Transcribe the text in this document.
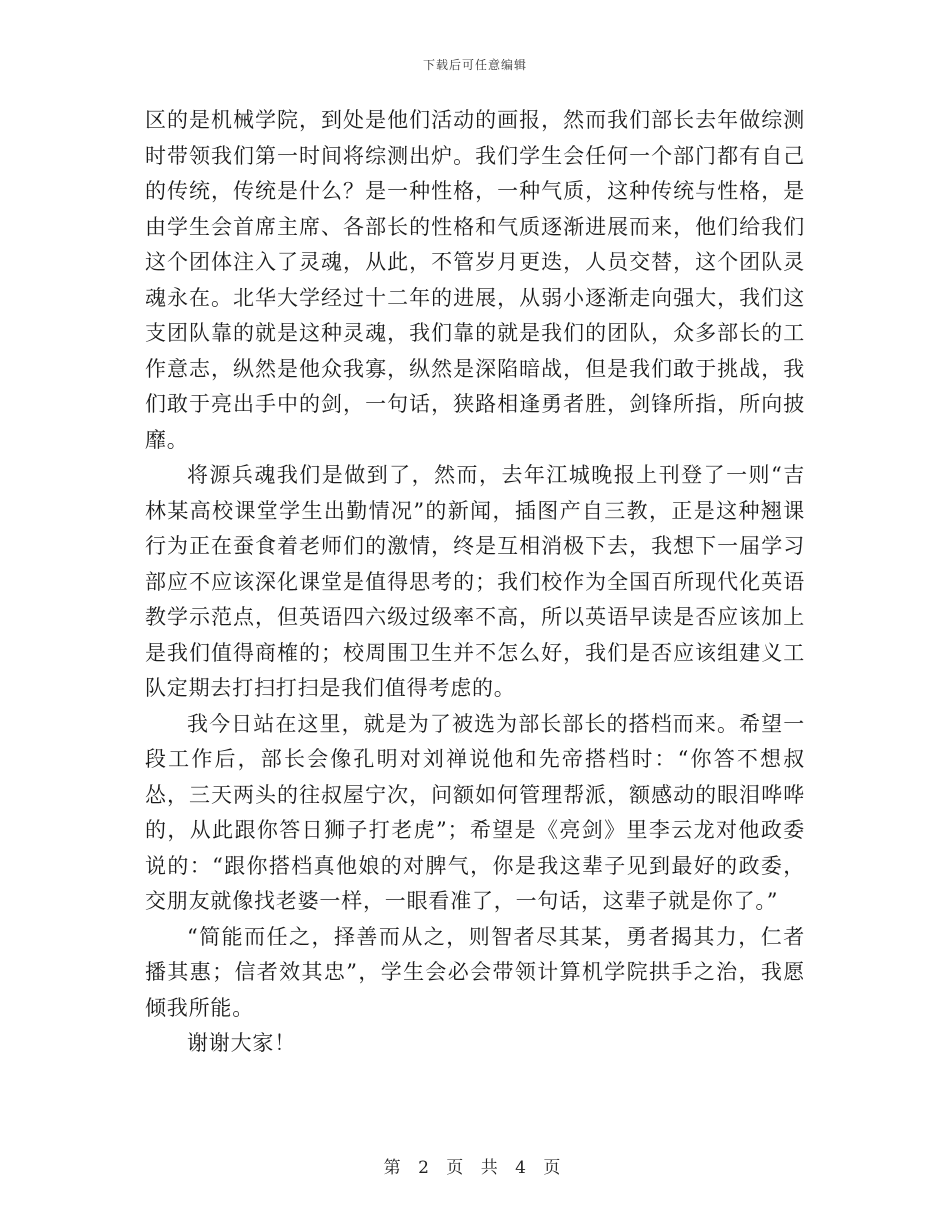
下载后可任意编辑

区的是机械学院，到处是他们活动的画报，然而我们部长去年做综测时带领我们第一时间将综测出炉。我们学生会任何一个部门都有自己的传统，传统是什么？是一种性格，一种气质，这种传统与性格，是由学生会首席主席、各部长的性格和气质逐渐进展而来，他们给我们这个团体注入了灵魂，从此，不管岁月更迭，人员交替，这个团队灵魂永在。北华大学经过十二年的进展，从弱小逐渐走向强大，我们这支团队靠的就是这种灵魂，我们靠的就是我们的团队，众多部长的工作意志，纵然是他众我寡，纵然是深陷暗战，但是我们敢于挑战，我们敢于亮出手中的剑，一句话，狭路相逢勇者胜，剑锋所指，所向披靡。

将源兵魂我们是做到了，然而，去年江城晚报上刊登了一则“吉林某高校课堂学生出勤情况”的新闻，插图产自三教，正是这种翘课行为正在蚕食着老师们的激情，终是互相消极下去，我想下一届学习部应不应该深化课堂是值得思考的；我们校作为全国百所现代化英语教学示范点，但英语四六级过级率不高，所以英语早读是否应该加上是我们值得商榷的；校周围卫生并不怎么好，我们是否应该组建义工队定期去打扫打扫是我们值得考虑的。

我今日站在这里，就是为了被选为部长部长的搭档而来。希望一段工作后，部长会像孔明对刘禅说他和先帝搭档时：“你答不想叔怂，三天两头的往叔屋宁次，问额如何管理帮派，额感动的眼泪哗哗的，从此跟你答日狮子打老虎”；希望是《亮剑》里李云龙对他政委说的：“跟你搭档真他娘的对脾气，你是我这辈子见到最好的政委，交朋友就像找老婆一样，一眼看准了，一句话，这辈子就是你了。”

“简能而任之，择善而从之，则智者尽其某，勇者揭其力，仁者播其惠；信者效其忠”，学生会必会带领计算机学院拱手之治，我愿倾我所能。

谢谢大家！

第 2 页 共 4 页
